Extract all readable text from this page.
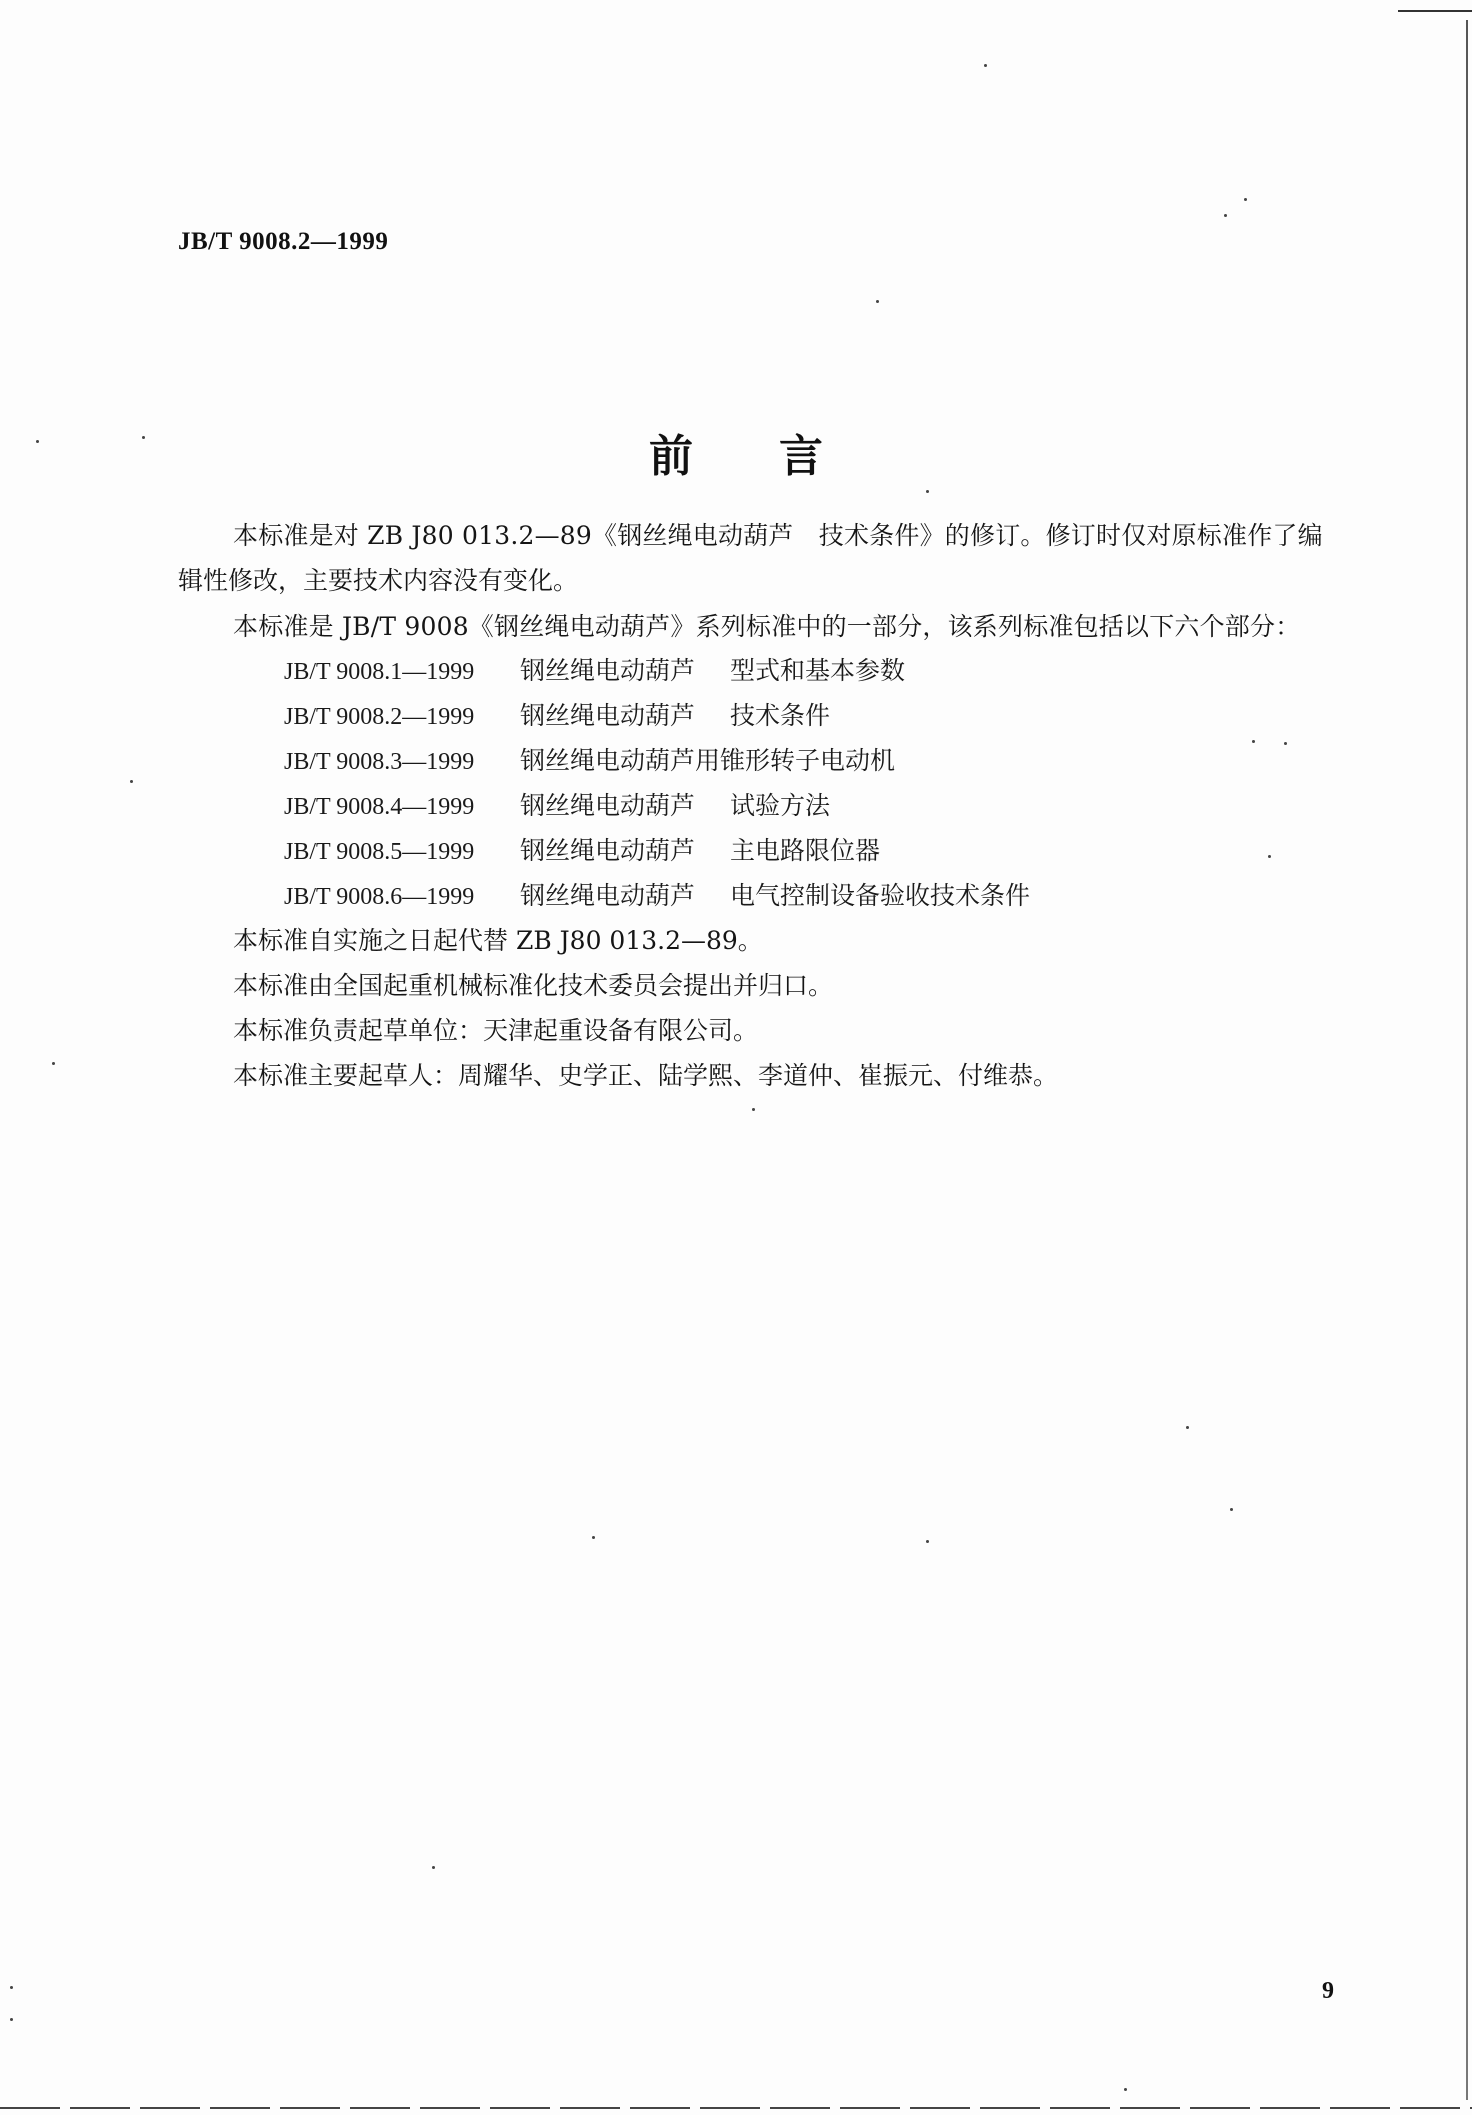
JB/T 9008.2—1999
前 言
本标准是对 ZB J80 013.2—89《钢丝绳电动葫芦　技术条件》的修订。修订时仅对原标准作了编
辑性修改，主要技术内容没有变化。
本标准是 JB/T 9008《钢丝绳电动葫芦》系列标准中的一部分，该系列标准包括以下六个部分：
JB/T 9008.1—1999 钢丝绳电动葫芦 型式和基本参数
JB/T 9008.2—1999 钢丝绳电动葫芦 技术条件
JB/T 9008.3—1999 钢丝绳电动葫芦用锥形转子电动机
JB/T 9008.4—1999 钢丝绳电动葫芦 试验方法
JB/T 9008.5—1999 钢丝绳电动葫芦 主电路限位器
JB/T 9008.6—1999 钢丝绳电动葫芦 电气控制设备验收技术条件
本标准自实施之日起代替 ZB J80 013.2—89。
本标准由全国起重机械标准化技术委员会提出并归口。
本标准负责起草单位：天津起重设备有限公司。
本标准主要起草人：周耀华、史学正、陆学熙、李道仲、崔振元、付维恭。
9
